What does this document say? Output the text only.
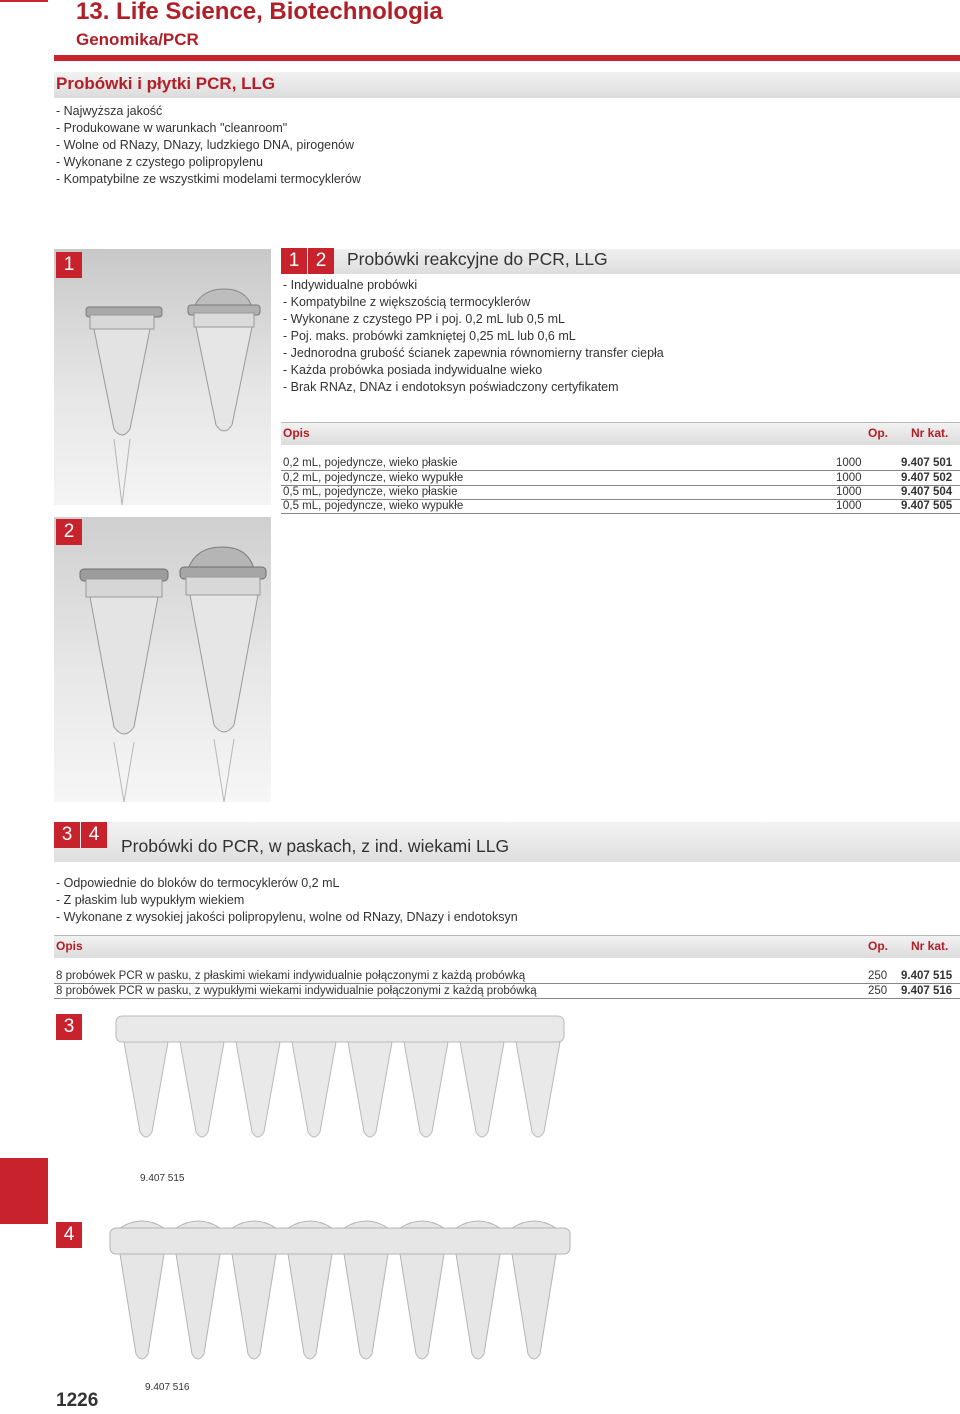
13. Life Science, Biotechnologia
Genomika/PCR
Probówki i płytki PCR, LLG
- Najwyższa jakość
- Produkowane w warunkach "cleanroom"
- Wolne od RNazy, DNazy, ludzkiego DNA, pirogenów
- Wykonane z czystego polipropylenu
- Kompatybilne ze wszystkimi modelami termocyklerów
1
2
1 2	Probówki reakcyjne do PCR, LLG
- Indywidualne probówki
- Kompatybilne z większością termocyklerów
- Wykonane z czystego PP i poj. 0,2 mL lub 0,5 mL
- Poj. maks. probówki zamkniętej 0,25 mL lub 0,6 mL
- Jednorodna grubość ścianek zapewnia równomierny transfer ciepła
- Każda probówka posiada indywidualne wieko
- Brak RNAz, DNAz i endotoksyn poświadczony certyfikatem
Opis	Op. Nr kat.
0,2 mL, pojedyncze, wieko płaskie	1000	9.407 501
0,2 mL, pojedyncze, wieko wypukłe	1000	9.407 502
0,5 mL, pojedyncze, wieko płaskie	1000	9.407 504
0,5 mL, pojedyncze, wieko wypukłe	1000	9.407 505
3 4
Probówki do PCR, w paskach, z ind. wiekami LLG
- Odpowiednie do bloków do termocyklerów 0,2 mL
- Z płaskim lub wypukłym wiekiem
- Wykonane z wysokiej jakości polipropylenu, wolne od RNazy, DNazy i endotoksyn
Opis	Op. Nr kat.
8 probówek PCR w pasku, z płaskimi wiekami indywidualnie połączonymi z każdą probówką	250 9.407 515
8 probówek PCR w pasku, z wypukłymi wiekami indywidualnie połączonymi z każdą probówką	250 9.407 516
3
9.407 515
4
9.407 516
1226
